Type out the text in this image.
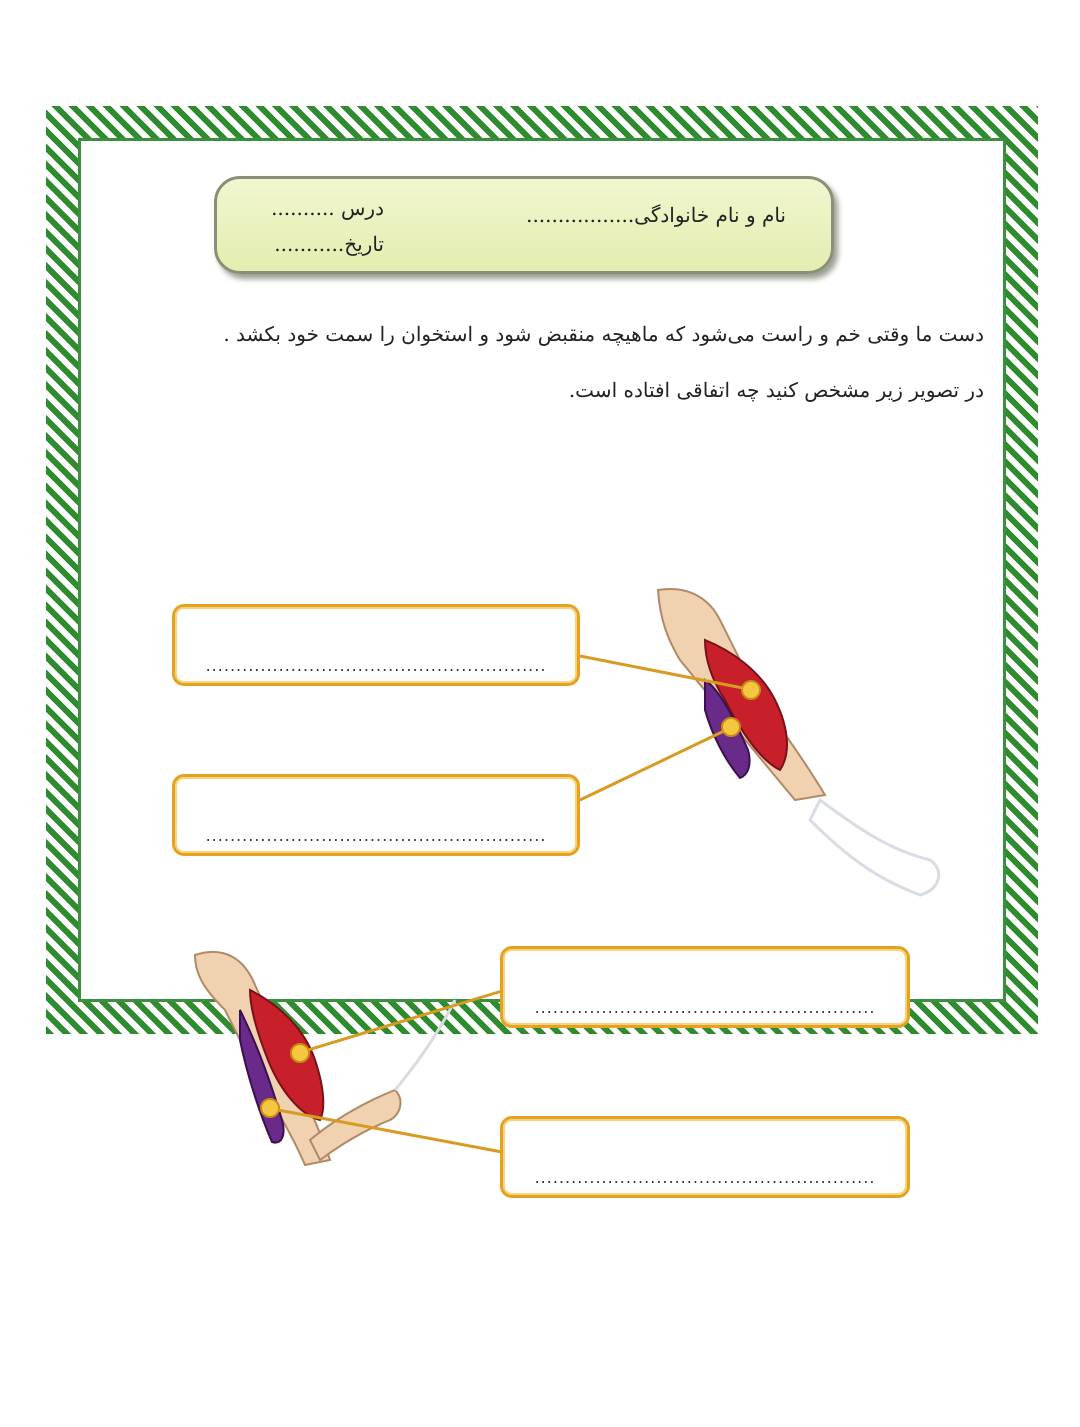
نام و نام خانوادگی.................
درس ..........
تاریخ...........
دست ما وقتی خم و راست می‌شود که ماهیچه منقبض شود و استخوان را سمت خود بکشد .
در تصویر زیر مشخص کنید چه اتفاقی افتاده است.
........................................................
........................................................
........................................................
........................................................
